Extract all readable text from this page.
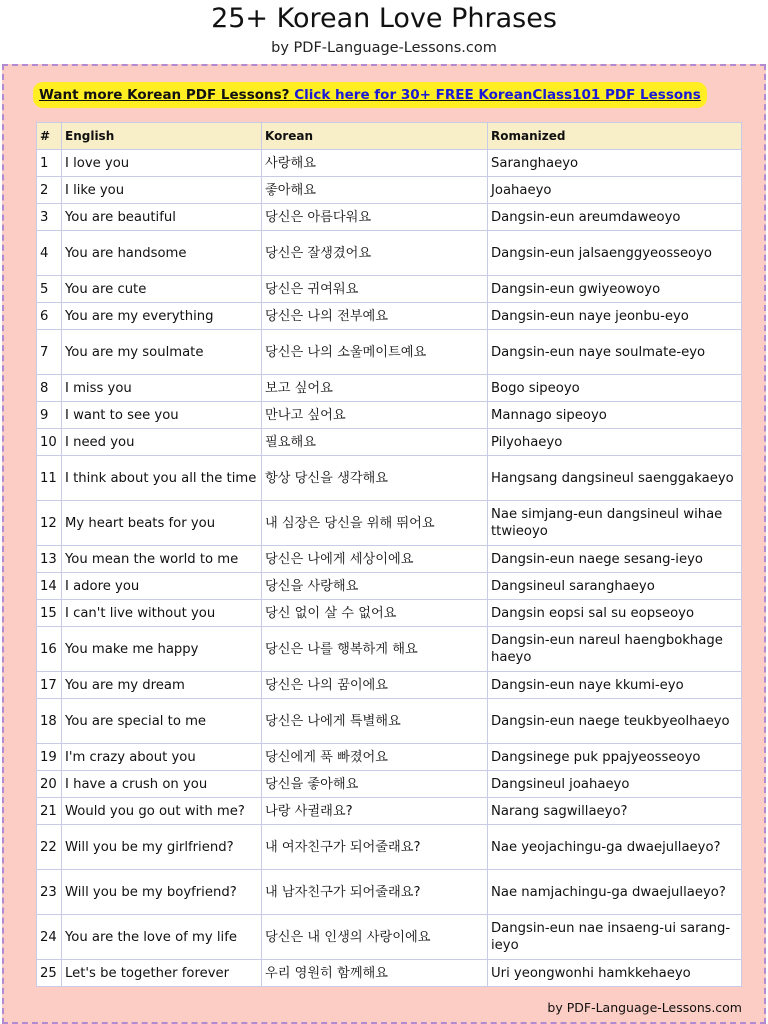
25+ Korean Love Phrases
by PDF-Language-Lessons.com
Want more Korean PDF Lessons? Click here for 30+ FREE KoreanClass101 PDF Lessons
#	English	Korean	Romanized
1	I love you	사랑해요	Saranghaeyo
2	I like you	좋아해요	Joahaeyo
3	You are beautiful	당신은 아름다워요	Dangsin-eun areumdaweoyo
4	You are handsome	당신은 잘생겼어요	Dangsin-eun jalsaenggyeosseoyo
5	You are cute	당신은 귀여워요	Dangsin-eun gwiyeowoyo
6	You are my everything	당신은 나의 전부예요	Dangsin-eun naye jeonbu-eyo
7	You are my soulmate	당신은 나의 소울메이트예요	Dangsin-eun naye soulmate-eyo
8	I miss you	보고 싶어요	Bogo sipeoyo
9	I want to see you	만나고 싶어요	Mannago sipeoyo
10	I need you	필요해요	Pilyohaeyo
11	I think about you all the time	항상 당신을 생각해요	Hangsang dangsineul saenggakaeyo
12	My heart beats for you	내 심장은 당신을 위해 뛰어요	Nae simjang-eun dangsineul wihae ttwieoyo
13	You mean the world to me	당신은 나에게 세상이에요	Dangsin-eun naege sesang-ieyo
14	I adore you	당신을 사랑해요	Dangsineul saranghaeyo
15	I can't live without you	당신 없이 살 수 없어요	Dangsin eopsi sal su eopseoyo
16	You make me happy	당신은 나를 행복하게 해요	Dangsin-eun nareul haengbokhage haeyo
17	You are my dream	당신은 나의 꿈이에요	Dangsin-eun naye kkumi-eyo
18	You are special to me	당신은 나에게 특별해요	Dangsin-eun naege teukbyeolhaeyo
19	I'm crazy about you	당신에게 푹 빠졌어요	Dangsinege puk ppajyeosseoyo
20	I have a crush on you	당신을 좋아해요	Dangsineul joahaeyo
21	Would you go out with me?	나랑 사귈래요?	Narang sagwillaeyo?
22	Will you be my girlfriend?	내 여자친구가 되어줄래요?	Nae yeojachingu-ga dwaejullaeyo?
23	Will you be my boyfriend?	내 남자친구가 되어줄래요?	Nae namjachingu-ga dwaejullaeyo?
24	You are the love of my life	당신은 내 인생의 사랑이에요	Dangsin-eun nae insaeng-ui sarang-ieyo
25	Let's be together forever	우리 영원히 함께해요	Uri yeongwonhi hamkkehaeyo
by PDF-Language-Lessons.com
